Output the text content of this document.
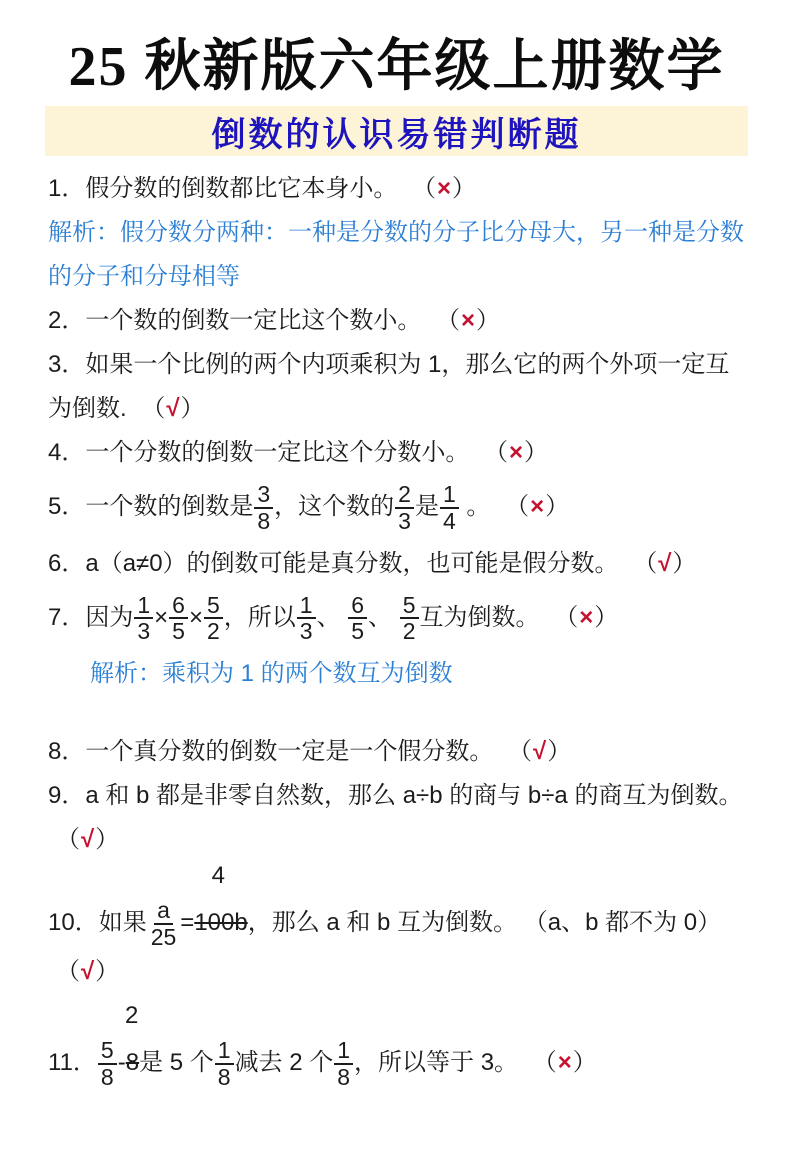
25 秋新版六年级上册数学
倒数的认识易错判断题
1．假分数的倒数都比它本身小。 （×）
解析：假分数分两种：一种是分数的分子比分母大，另一种是分数的分子和分母相等
2．一个数的倒数一定比这个数小。 （×）
3．如果一个比例的两个内项乘积为 1，那么它的两个外项一定互为倒数. （√）
4．一个分数的倒数一定比这个分数小。 （×）
5．一个数的倒数是 $\frac{3}{8}$ ，这个数的 $\frac{2}{3}$ 是 $\frac{1}{4}$ 。 （×）
6．a（a≠0）的倒数可能是真分数，也可能是假分数。 （√）
7．因为 $\frac{1}{3} \times \frac{6}{5} \times \frac{5}{2}$ ，所以 $\frac{1}{3}$ 、 $\frac{6}{5}$ 、 $\frac{5}{2}$ 互为倒数。 （×）
解析：乘积为 1 的两个数互为倒数
8．一个真分数的倒数一定是一个假分数。 （√）
9．a 和 b 都是非零自然数，那么 a÷b 的商与 b÷a 的商互为倒数。
（√）
10．如果 $\frac{a}{25}$ =
4
100b，那么 a 和 b 互为倒数。 （a、b 都不为 0） （√）
11． $\frac{5}{8}$ -
2
8是 5 个 $\frac{1}{8}$ 减去 2 个 $\frac{1}{8}$ ，所以等于 3。 （×）
